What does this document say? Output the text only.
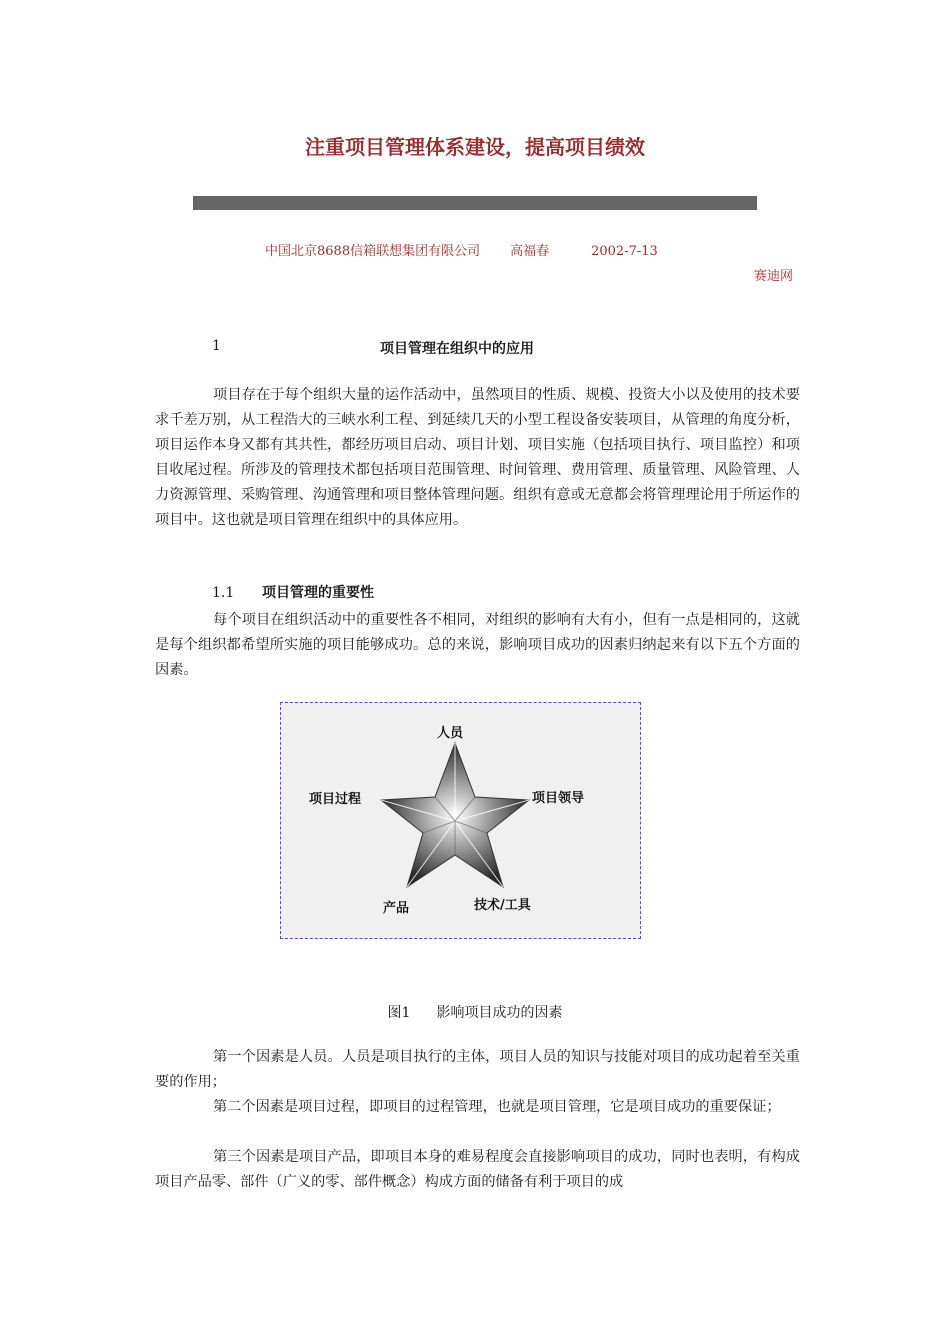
注重项目管理体系建设，提高项目绩效
中国北京8688信箱联想集团有限公司 高福春	2002-7-13
赛迪网
1	项目管理在组织中的应用

项目存在于每个组织大量的运作活动中，虽然项目的性质、规模、投资大小以及使用的技术要求千差万别，从工程浩大的三峡水利工程、到延续几天的小型工程设备安装项目，从管理的角度分析，项目运作本身又都有其共性，都经历项目启动、项目计划、项目实施（包括项目执行、项目监控）和项目收尾过程。所涉及的管理技术都包括项目范围管理、时间管理、费用管理、质量管理、风险管理、人力资源管理、采购管理、沟通管理和项目整体管理问题。组织有意或无意都会将管理理论用于所运作的项目中。这也就是项目管理在组织中的具体应用。

1.1 项目管理的重要性

每个项目在组织活动中的重要性各不相同，对组织的影响有大有小，但有一点是相同的，这就是每个组织都希望所实施的项目能够成功。总的来说，影响项目成功的因素归纳起来有以下五个方面的因素。

人员
项目过程	项目领导
产品	技术/工具
图1 影响项目成功的因素

第一个因素是人员。人员是项目执行的主体，项目人员的知识与技能对项目的成功起着至关重要的作用；

第二个因素是项目过程，即项目的过程管理，也就是项目管理，它是项目成功的重要保证；

第三个因素是项目产品，即项目本身的难易程度会直接影响项目的成功，同时也表明，有构成项目产品零、部件（广义的零、部件概念）构成方面的储备有利于项目的成
